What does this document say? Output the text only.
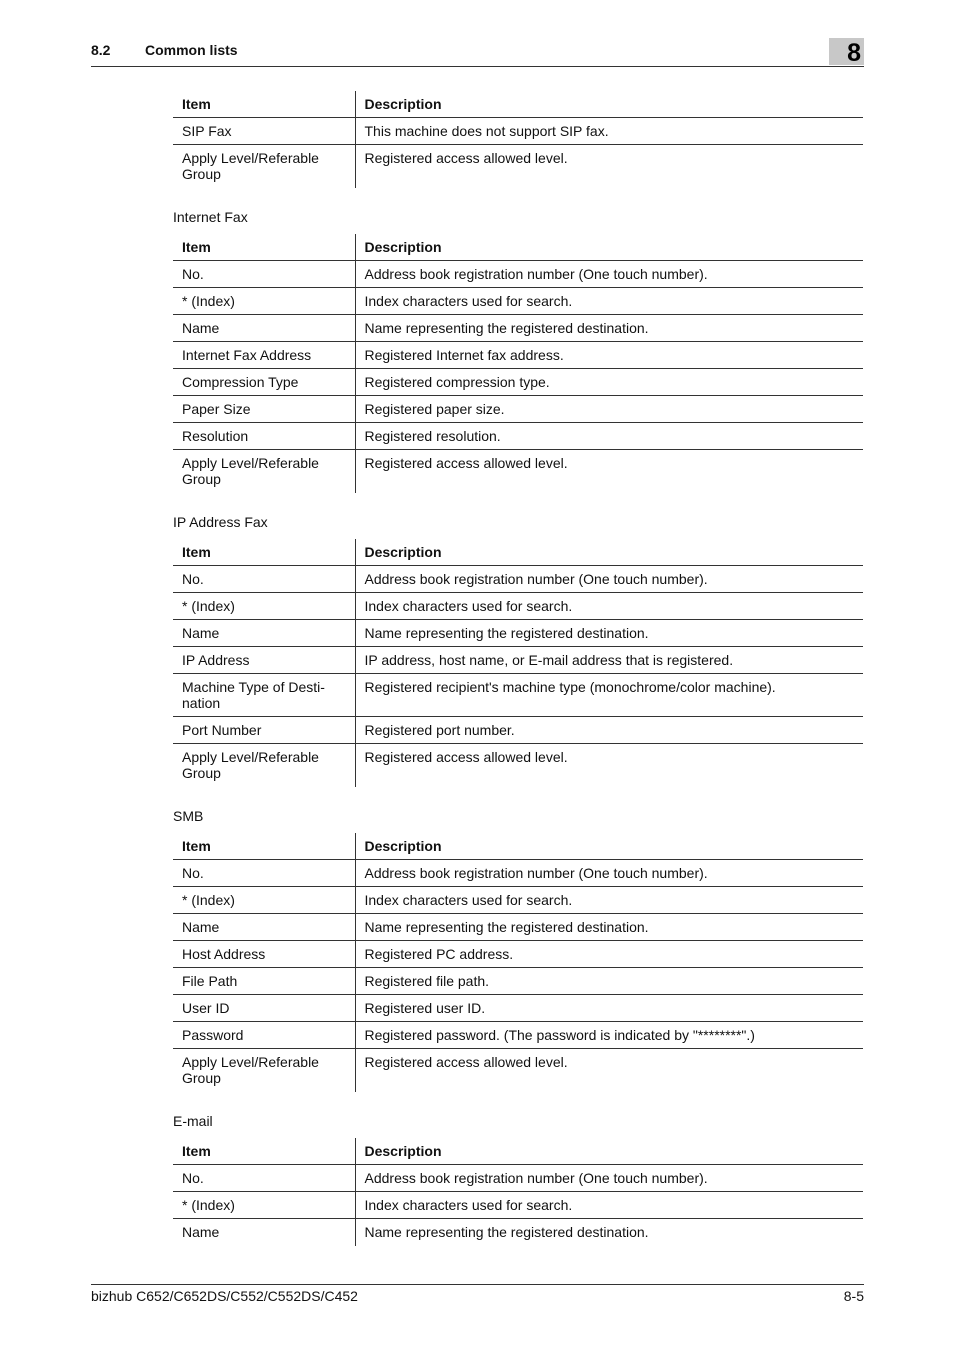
8.2 Common lists	8
Item	Description
SIP Fax	This machine does not support SIP fax.
Apply Level/Referable Group	Registered access allowed level.

Internet Fax

Item	Description
No.	Address book registration number (One touch number).
* (Index)	Index characters used for search.
Name	Name representing the registered destination.
Internet Fax Address	Registered Internet fax address.
Compression Type	Registered compression type.
Paper Size	Registered paper size.
Resolution	Registered resolution.
Apply Level/Referable Group	Registered access allowed level.

IP Address Fax

Item	Description
No.	Address book registration number (One touch number).
* (Index)	Index characters used for search.
Name	Name representing the registered destination.
IP Address	IP address, host name, or E-mail address that is registered.
Machine Type of Desti-nation	Registered recipient's machine type (monochrome/color machine).
Port Number	Registered port number.
Apply Level/Referable Group	Registered access allowed level.

SMB

Item	Description
No.	Address book registration number (One touch number).
* (Index)	Index characters used for search.
Name	Name representing the registered destination.
Host Address	Registered PC address.
File Path	Registered file path.
User ID	Registered user ID.
Password	Registered password. (The password is indicated by "********".)
Apply Level/Referable Group	Registered access allowed level.

E-mail

Item	Description
No.	Address book registration number (One touch number).
* (Index)	Index characters used for search.
Name	Name representing the registered destination.
bizhub C652/C652DS/C552/C552DS/C452	8-5
